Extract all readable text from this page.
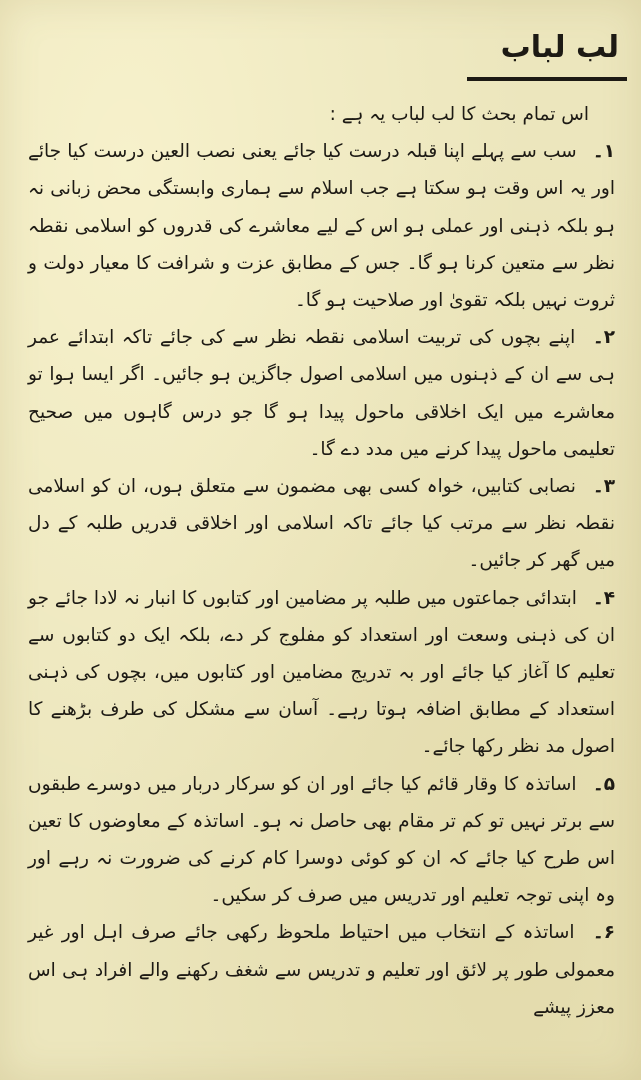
لب لباب

اس تمام بحث کا لب لباب یہ ہے :

۱۔ سب سے پہلے اپنا قبلہ درست کیا جائے یعنی نصب العین درست کیا جائے اور یہ اس وقت ہو سکتا ہے جب اسلام سے ہماری وابستگی محض زبانی نہ ہو بلکہ ذہنی اور عملی ہو اس کے لیے معاشرے کی قدروں کو اسلامی نقطہ نظر سے متعین کرنا ہو گا۔ جس کے مطابق عزت و شرافت کا معیار دولت و ثروت نہیں بلکہ تقویٰ اور صلاحیت ہو گا۔

۲۔ اپنے بچوں کی تربیت اسلامی نقطہ نظر سے کی جائے تاکہ ابتدائے عمر ہی سے ان کے ذہنوں میں اسلامی اصول جاگزین ہو جائیں۔ اگر ایسا ہوا تو معاشرے میں ایک اخلاقی ماحول پیدا ہو گا جو درس گاہوں میں صحیح تعلیمی ماحول پیدا کرنے میں مدد دے گا۔

۳۔ نصابی کتابیں، خواہ کسی بھی مضمون سے متعلق ہوں، ان کو اسلامی نقطہ نظر سے مرتب کیا جائے تاکہ اسلامی اور اخلاقی قدریں طلبہ کے دل میں گھر کر جائیں۔

۴۔ ابتدائی جماعتوں میں طلبہ پر مضامین اور کتابوں کا انبار نہ لادا جائے جو ان کی ذہنی وسعت اور استعداد کو مفلوج کر دے، بلکہ ایک دو کتابوں سے تعلیم کا آغاز کیا جائے اور بہ تدریج مضامین اور کتابوں میں، بچوں کی ذہنی استعداد کے مطابق اضافہ ہوتا رہے۔ آسان سے مشکل کی طرف بڑھنے کا اصول مد نظر رکھا جائے۔

۵۔ اساتذہ کا وقار قائم کیا جائے اور ان کو سرکار دربار میں دوسرے طبقوں سے برتر نہیں تو کم تر مقام بھی حاصل نہ ہو۔ اساتذہ کے معاوضوں کا تعین اس طرح کیا جائے کہ ان کو کوئی دوسرا کام کرنے کی ضرورت نہ رہے اور وہ اپنی توجہ تعلیم اور تدریس میں صرف کر سکیں۔

۶۔ اساتذہ کے انتخاب میں احتیاط ملحوظ رکھی جائے صرف اہل اور غیر معمولی طور پر لائق اور تعلیم و تدریس سے شغف رکھنے والے افراد ہی اس معزز پیشے
